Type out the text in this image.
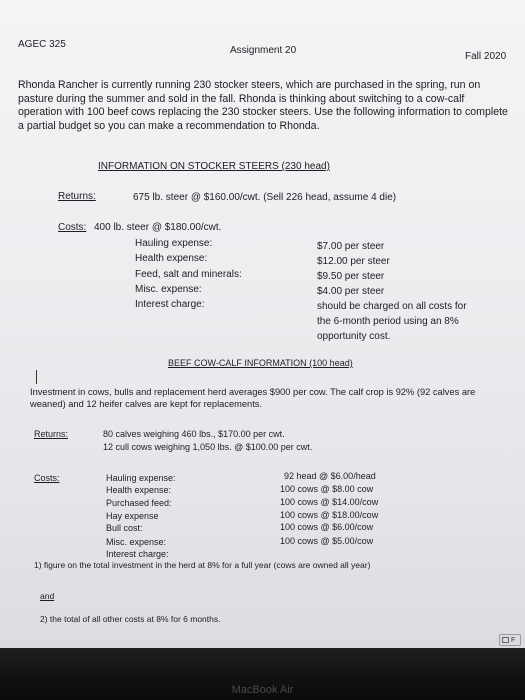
AGEC 325
Assignment 20
Fall 2020
Rhonda Rancher is currently running 230 stocker steers, which are purchased in the spring, run on pasture during the summer and sold in the fall. Rhonda is thinking about switching to a cow-calf operation with 100 beef cows replacing the 230 stocker steers. Use the following information to complete a partial budget so you can make a recommendation to Rhonda.
INFORMATION ON STOCKER STEERS (230 head)
Returns:	675 lb. steer @ $160.00/cwt. (Sell 226 head, assume 4 die)
Costs: 400 lb. steer @ $180.00/cwt.
Hauling expense:	$7.00 per steer
Health expense:	$12.00 per steer
Feed, salt and minerals:	$9.50 per steer
Misc. expense:	$4.00 per steer
Interest charge:	should be charged on all costs for
the 6-month period using an 8%
opportunity cost.
BEEF COW-CALF INFORMATION (100 head)
Investment in cows, bulls and replacement herd averages $900 per cow. The calf crop is 92% (92 calves are weaned) and 12 heifer calves are kept for replacements.
Returns:	80 calves weighing 460 lbs., $170.00 per cwt.
12 cull cows weighing 1,050 lbs. @ $100.00 per cwt.
Costs:	Hauling expense:	92 head @ $6.00/head
Health expense:	100 cows @ $8.00 cow
Purchased feed:	100 cows @ $14.00/cow
Hay expense	100 cows @ $18.00/cow
Bull cost:	100 cows @ $6.00/cow
Misc. expense:	100 cows @ $5.00/cow
Interest charge:
1) figure on the total investment in the herd at 8% for a full year (cows are owned all year)
and
2) the total of all other costs at 8% for 6 months.
F
MacBook Air
